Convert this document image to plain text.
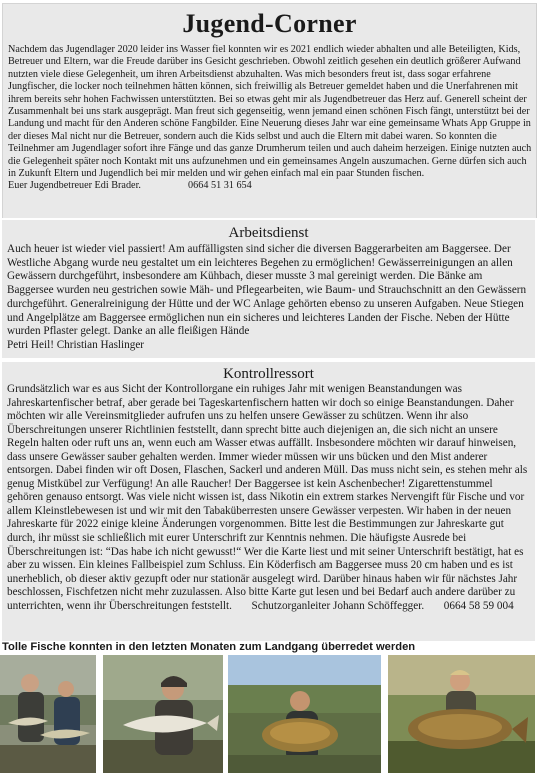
Jugend-Corner
Nachdem das Jugendlager 2020 leider ins Wasser fiel konnten wir es 2021 endlich wieder abhalten und alle Beteiligten, Kids, Betreuer und Eltern, war die Freude darüber ins Gesicht geschrieben. Obwohl zeitlich gesehen ein deutlich größerer Aufwand nutzten viele diese Gelegenheit, um ihren Arbeitsdienst abzuhalten. Was mich besonders freut ist, dass sogar erfahrene Jungfischer, die locker noch teilnehmen hätten können, sich freiwillig als Betreuer gemeldet haben und die Unerfahrenen mit ihrem bereits sehr hohen Fachwissen unterstützten. Bei so etwas geht mir als Jugendbetreuer das Herz auf. Generell scheint der Zusammenhalt bei uns stark ausgeprägt. Man freut sich gegenseitig, wenn jemand einen schönen Fisch fängt, unterstützt bei der Landung und macht für den Anderen schöne Fangbilder. Eine Neuerung dieses Jahr war eine gemeinsame Whats App Gruppe in der dieses Mal nicht nur die Betreuer, sondern auch die Kids selbst und auch die Eltern mit dabei waren. So konnten die Teilnehmer am Jugendlager sofort ihre Fänge und das ganze Drumherum teilen und auch daheim herzeigen. Einige nutzten auch die Gelegenheit später noch Kontakt mit uns aufzunehmen und ein gemeinsames Angeln auszumachen. Gerne dürfen sich auch in Zukunft Eltern und Jugendlich bei mir melden und wir gehen einfach mal ein paar Stunden fischen.
Euer Jugendbetreuer Edi Brader.	0664 51 31 654
Arbeitsdienst
Auch heuer ist wieder viel passiert! Am auffälligsten sind sicher die diversen Baggerarbeiten am Baggersee. Der Westliche Abgang wurde neu gestaltet um ein leichteres Begehen zu ermöglichen! Gewässerreinigungen an allen Gewässern durchgeführt, insbesondere am Kühbach, dieser musste 3 mal gereinigt werden. Die Bänke am Baggersee wurden neu gestrichen sowie Mäh- und Pflegearbeiten, wie Baum- und Strauchschnitt an den Gewässern durchgeführt. Generalreinigung der Hütte und der WC Anlage gehörten ebenso zu unseren Aufgaben. Neue Stiegen und Angelplätze am Baggersee ermöglichen nun ein sicheres und leichteres Landen der Fische. Neben der Hütte wurden Pflaster gelegt. Danke an alle fleißigen Hände
Petri Heil! Christian Haslinger
Kontrollressort
Grundsätzlich war es aus Sicht der Kontrollorgane ein ruhiges Jahr mit wenigen Beanstandungen was Jahreskartenfischer betraf, aber gerade bei Tageskartenfischern hatten wir doch so einige Beanstandungen. Daher möchten wir alle Vereinsmitglieder aufrufen uns zu helfen unsere Gewässer zu schützen. Wenn ihr also Überschreitungen unserer Richtlinien feststellt, dann sprecht bitte auch diejenigen an, die sich nicht an unsere Regeln halten oder ruft uns an, wenn euch am Wasser etwas auffällt. Insbesondere möchten wir darauf hinweisen, dass unsere Gewässer sauber gehalten werden. Immer wieder müssen wir uns bücken und den Mist anderer entsorgen. Dabei finden wir oft Dosen, Flaschen, Sackerl und anderen Müll. Das muss nicht sein, es stehen mehr als genug Mistkübel zur Verfügung! An alle Raucher! Der Baggersee ist kein Aschenbecher! Zigarettenstummel gehören genauso entsorgt. Was viele nicht wissen ist, dass Nikotin ein extrem starkes Nervengift für Fische und vor allem Kleinstlebewesen ist und wir mit den Tabaküberresten unsere Gewässer verpesten. Wir haben in der neuen Jahreskarte für 2022 einige kleine Änderungen vorgenommen. Bitte lest die Bestimmungen zur Jahreskarte gut durch, ihr müsst sie schließlich mit eurer Unterschrift zur Kenntnis nehmen. Die häufigste Ausrede bei Überschreitungen ist: “Das habe ich nicht gewusst!“ Wer die Karte liest und mit seiner Unterschrift bestätigt, hat es aber zu wissen. Ein kleines Fallbeispiel zum Schluss. Ein Köderfisch am Baggersee muss 20 cm haben und es ist unerheblich, ob dieser aktiv gezupft oder nur stationär ausgelegt wird. Darüber hinaus haben wir für nächstes Jahr beschlossen, Fischfetzen nicht mehr zuzulassen. Also bitte Karte gut lesen und bei Bedarf auch andere darüber zu unterrichten, wenn ihr Überschreitungen feststellt. Schutzorganleiter Johann Schöffegger. 0664 58 59 004
Tolle Fische konnten in den letzten Monaten zum Landgang überredet werden
